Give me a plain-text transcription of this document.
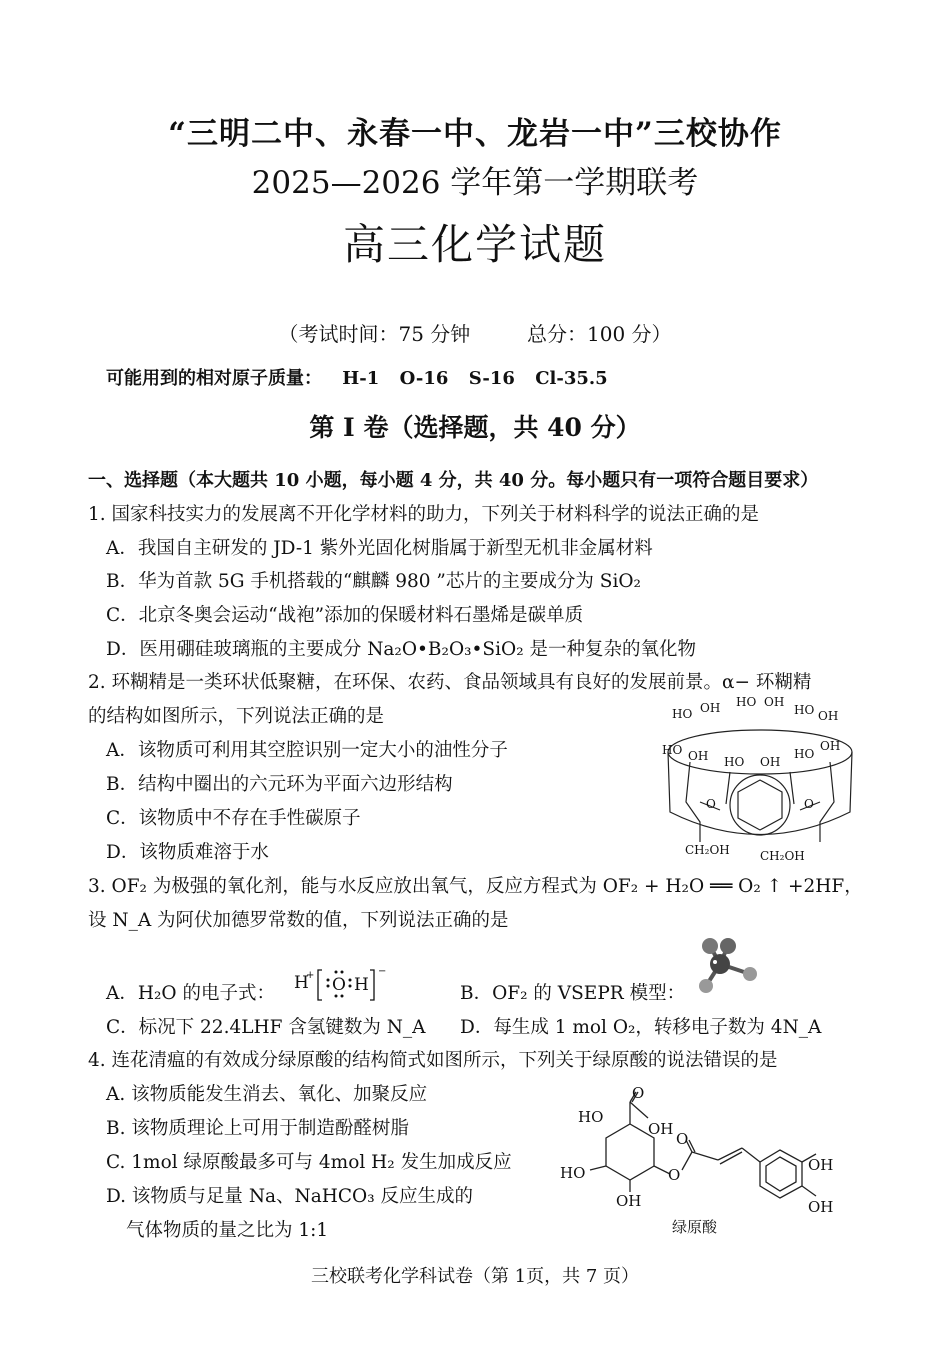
“三明二中、永春一中、龙岩一中”三校协作
2025—2026 学年第一学期联考
高三化学试题
（考试时间：75 分钟	总分：100 分）
可能用到的相对原子质量： H-1 O-16 S-16 Cl-35.5
第 I 卷（选择题，共 40 分）
一、选择题（本大题共 10 小题，每小题 4 分，共 40 分。每小题只有一项符合题目要求）
1. 国家科技实力的发展离不开化学材料的助力，下列关于材料科学的说法正确的是
A．我国自主研发的 JD-1 紫外光固化树脂属于新型无机非金属材料
B．华为首款 5G 手机搭载的“麒麟 980 ”芯片的主要成分为 SiO₂
C．北京冬奥会运动“战袍”添加的保暖材料石墨烯是碳单质
D．医用硼硅玻璃瓶的主要成分 Na₂O•B₂O₃•SiO₂ 是一种复杂的氧化物
2. 环糊精是一类环状低聚糖，在环保、农药、食品领域具有良好的发展前景。α− 环糊精
的结构如图所示，下列说法正确的是
A．该物质可利用其空腔识别一定大小的油性分子
B．结构中圈出的六元环为平面六边形结构
C．该物质中不存在手性碳原子
D．该物质难溶于水
HO OH HO OH
HO OH
HO OH HO OH
HO
OH
O	O
CH₂OH	CH₂OH
3. OF₂ 为极强的氧化剂，能与水反应放出氧气，反应方程式为 OF₂ + H₂O ══ O₂ ↑ +2HF，
设 N_A 为阿伏加德罗常数的值，下列说法正确的是
A．H₂O 的电子式： H
+ O H
−
B．OF₂ 的 VSEPR 模型：
C．标况下 22.4LHF 含氢键数为 N_A D．每生成 1 mol O₂，转移电子数为 4N_A
4. 连花清瘟的有效成分绿原酸的结构简式如图所示，下列关于绿原酸的说法错误的是
A. 该物质能发生消去、氧化、加聚反应
B. 该物质理论上可用于制造酚醛树脂
C. 1mol 绿原酸最多可与 4mol H₂ 发生加成反应
D. 该物质与足量 Na、NaHCO₃ 反应生成的
气体物质的量之比为 1:1
HO
O
OH
HO
OH
O
O
OH
OH
绿原酸
三校联考化学科试卷（第 1页，共 7 页）
